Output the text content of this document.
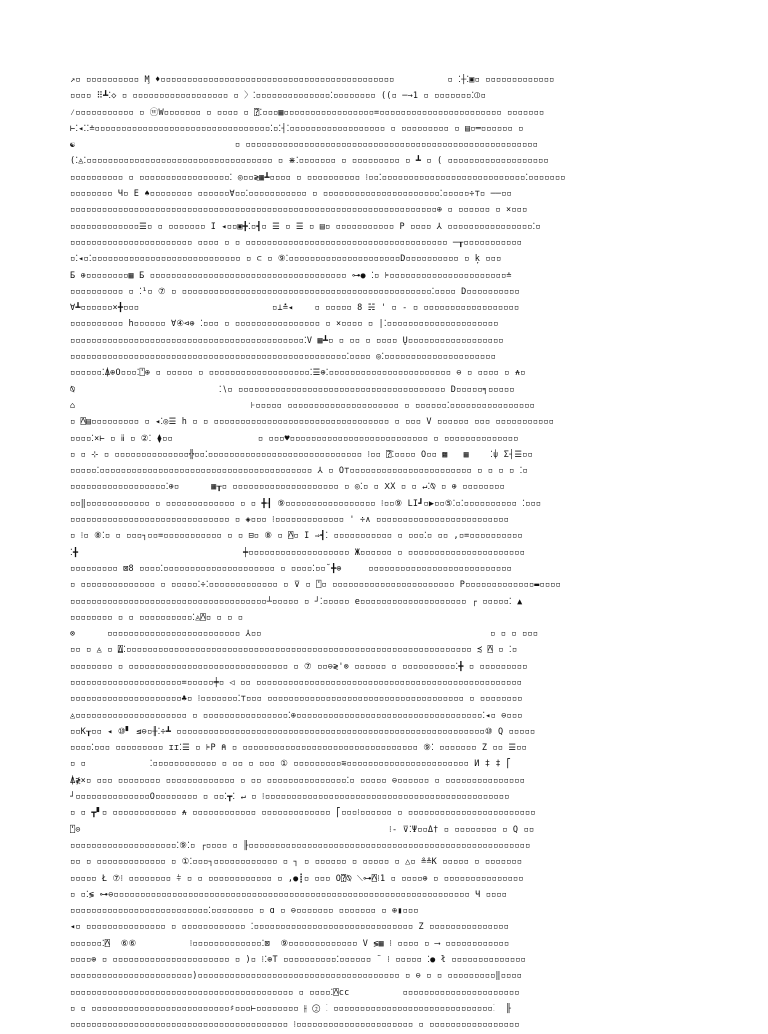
↗▫ ▫▫▫▫▫▫▫▫▫▫ M̧ ♦▫▫▫▫▫▫▫▫▫▫▫▫▫▫▫▫▫▫▫▫▫▫▫▫▫▫▫▫▫▫▫▫▫▫▫▫▫▫▫▫▫▫▫▫          ▫ ⁚┼⁚▣▫ ▫▫▫▫▫▫▫▫▫▫▫▫▫
▫▫▫▫ ⠿┻⁚◇ ▫ ▫▫▫▫▫▫▫▫▫▫▫▫▫▫▫▫▫▫ ▫ 〉⁚▫▫▫▫▫▫▫▫▫▫▫▫▫▫⁚▫▫▫▫▫▫▫▫ ((▫ ─→1 ▫ ▫▫▫▫▫▫▫⁚⦶▫
⁄▫▫▫▫▫▫▫▫▫▫▫ ▫ ⓦW▫▫▫▫▫▫▫ ▫ ▫▫▫▫ ▫ ⍰⁚▫▫▫▦▫▫▫▫▫▫▫▫▫▫▫▫▫▫▫▫▫=▫▫▫▫▫▫▫▫▫▫▫▫▫▫▫▫▫▫▫▫▫▫▫ ▫▫▫▫▫▫▫
⊢⁚◂⁚⁚≐▫▫▫▫▫▫▫▫▫▫▫▫▫▫▫▫▫▫▫▫▫▫▫▫▫▫▫▫▫▫▫▫▫⁚▫⁚┤⁚▫▫▫▫▫▫▫▫▫▫▫▫▫▫▫▫▫▫ ▫ ▫▫▫▫▫▫▫▫▫ ▫ ▤▫═▫▫▫▫▫▫ ▫
☯                              ▫ ▫▫▫▫▫▫▫▫▫▫▫▫▫▫▫▫▫▫▫▫▫▫▫▫▫▫▫▫▫▫▫▫▫▫▫▫▫▫▫▫▫▫▫▫▫▫▫▫▫▫▫▫▫▫▫
(⁚◬⁚▫▫▫▫▫▫▫▫▫▫▫▫▫▫▫▫▫▫▫▫▫▫▫▫▫▫▫▫▫▫▫▫▫▫▫ ▫ ⋇⁚▫▫▫▫▫▫▫ ▫ ▫▫▫▫▫▫▫▫▫ ▫ ┻ ▫ ( ▫▫▫▫▫▫▫▫▫▫▫▫▫▫▫▫▫▫▫
▫▫▫▫▫▫▫▫▫▫ ▫ ▫▫▫▫▫▫▫▫▫▫▫▫▫▫▫▫▫⁚ ◎▫▫≷▦┻▫▫▫▫ ▫ ▫▫▫▫▫▫▫▫▫▫ ⁝▫▫⁚▫▫▫▫▫▫▫▫▫▫▫▫▫▫▫▫▫▫▫▫▫▫▫▫▫▫▫⁚▫▫▫▫▫▫▫
▫▫▫▫▫▫▫▫ Ч▫ E ♠▫▫▫▫▫▫▫▫ ▫▫▫▫▫▫∀▫▫⁚▫▫▫▫▫▫▫▫▫▫▫ ▫ ▫▫▫▫▫▫▫▫▫▫▫▫▫▫▫▫▫▫▫▫▫▫⁚▫▫▫▫▫÷⊤▫ ──▫▫
▫▫▫▫▫▫▫▫▫▫▫▫▫▫▫▫▫▫▫▫▫▫▫▫▫▫▫▫▫▫▫▫▫▫▫▫▫▫▫▫▫▫▫▫▫▫▫▫▫▫▫▫▫▫▫▫▫▫▫▫▫▫▫▫▫▫▫▫▫⊕ ▫ ▫▫▫▫▫▫ ▫ ×▫▫▫
▫▫▫▫▫▫▫▫▫▫▫▫▫☰▫ ▫ ▫▫▫▫▫▫▫ I ◂▫▫▣╋⁚▫┫▫ ☰ ▫ ☰ ▫ ▤▫ ▫▫▫▫▫▫▫▫▫▫▫ P ▫▫▫▫ ⅄ ▫▫▫▫▫▫▫▫▫▫▫▫▫▫▫▫⁚▫
▫▫▫▫▫▫▫▫▫▫▫▫▫▫▫▫▫▫▫▫▫▫▫ ▫▫▫▫ ▫ ▫ ▫▫▫▫▫▫▫▫▫▫▫▫▫▫▫▫▫▫▫▫▫▫▫▫▫▫▫▫▫▫▫▫▫▫▫▫▫▫ ─┰▫▫▫▫▫▫▫▫▫▫▫
▫⁚◂▫⁚▫▫▫▫▫▫▫▫▫▫▫▫▫▫▫▫▫▫▫▫▫▫▫▫▫▫▫▫ ▫ ⊂ ▫ ⑨⁚▫▫▫▫▫▫▫▫▫▫▫▫▫▫▫▫▫▫▫▫▫D▫▫▫▫▫▫▫▫▫▫ ▫ ķ ▫▫▫
Ƃ ⊕▫▫▫▫▫▫▫▫▦ Ƃ ▫▫▫▫▫▫▫▫▫▫▫▫▫▫▫▫▫▫▫▫▫▫▫▫▫▫▫▫▫▫▫▫▫▫▫▫▫ ⊶● ⁚▫ ⊧▫▫▫▫▫▫▫▫▫▫▫▫▫▫▫▫▫▫▫▫▫▫≐
▫▫▫▫▫▫▫▫▫▫ ▫ ⁚¹▫ ⑦ ▫ ▫▫▫▫▫▫▫▫▫▫▫▫▫▫▫▫▫▫▫▫▫▫▫▫▫▫▫▫▫▫▫▫▫▫▫▫▫▫▫▫▫▫▫▫▫▫▫⁚▫▫▫▫ D▫▫▫▫▫▫▫▫▫▫
∀┻▫▫▫▫▫▫×╋▫▫▫                         ▫⊥≛◂    ▫ ▫▫▫▫▫ 8 ☵ ' ▫ - ▫ ▫▫▫▫▫▫▫▫▫▫▫▫▫▫▫▫▫▫
▫▫▫▫▫▫▫▫▫▫ h▫▫▫▫▫▫ ∀④⊲⊕ ⁚▫▫▫ ▫ ▫▫▫▫▫▫▫▫▫▫▫▫▫▫▫▫ ▫ ×▫▫▫▫ ▫ |⁚▫▫▫▫▫▫▫▫▫▫▫▫▫▫▫▫▫▫▫▫▫
▫▫▫▫▫▫▫▫▫▫▫▫▫▫▫▫▫▫▫▫▫▫▫▫▫▫▫▫▫▫▫▫▫▫▫▫▫▫▫▫▫▫▫▫⁚V ▦┻▫ ▫ ▫▫ ▫ ▫▫▫▫ Ų▫▫▫▫▫▫▫▫▫▫▫▫▫▫▫▫▫▫
▫▫▫▫▫▫▫▫▫▫▫▫▫▫▫▫▫▫▫▫▫▫▫▫▫▫▫▫▫▫▫▫▫▫▫▫▫▫▫▫▫▫▫▫▫▫▫▫▫▫▫▫⁚▫▫▫▫ ◎⁚▫▫▫▫▫▫▫▫▫▫▫▫▫▫▫▫▫▫▫▫▫
▫▫▫▫▫▫⁚⍋⊕O▫▫▫⁚⍞⊕ ▫ ▫▫▫▫▫ ▫ ▫▫▫▫▫▫▫▫▫▫▫▫▫▫▫▫▫▫▫⁚☰⊕⁚▫▫▫▫▫▫▫▫▫▫▫▫▫▫▫▫▫▫▫▫▫▫▫ ⊖ ▫ ▫▫▫▫ ▫ ⍲▫
⍉                           ⁚∖▫ ▫▫▫▫▫▫▫▫▫▫▫▫▫▫▫▫▫▫▫▫▫▫▫▫▫▫▫▫▫▫▫▫▫▫▫▫▫▫▫ D▫▫▫▫▫╕▫▫▫▫▫
⌂                                 ⊦▫▫▫▫▫ ▫▫▫▫▫▫▫▫▫▫▫▫▫▫▫▫▫▫▫▫▫ ▫ ▫▫▫▫▫▫⁚▫▫▫▫▫▫▫▫▫▫▫▫▫▫▫▫
▫ ⍓▤▫▫▫▫▫▫▫▫▫ ▫ ◂⁚◎☰ h ▫ ▫ ▫▫▫▫▫▫▫▫▫▫▫▫▫▫▫▫▫▫▫▫▫▫▫▫▫▫▫▫▫▫▫▫▫ ▫ ▫▫▫ V ▫▫▫▫▫▫ ▫▫▫ ▫▫▫▫▫▫▫▫▫▫▫
▫▫▫▫⁚×⊢ ▫ ⅱ ▫ ②⁚ ⧫▫▫                ▫ ▫▫▫♥▫▫▫▫▫▫▫▫▫▫▫▫▫▫▫▫▫▫▫▫▫▫▫▫▫▫ ▫ ▫▫▫▫▫▫▫▫▫▫▫▫▫▫
▫ ▫ ⊹ ▫ ▫▫▫▫▫▫▫▫▫▫▫▫▫▫╬▫▫⁚▫▫▫▫▫▫▫▫▫▫▫▫▫▫▫▫▫▫▫▫▫▫▫▫▫▫▫▫▫ ⁝▫▫ ⍰⁚▫▫▫▫ O▫▫ ▩   ▦    ⁚⍦ Σ┤☰▫▫
▫▫▫▫▫⁚▫▫▫▫▫▫▫▫▫▫▫▫▫▫▫▫▫▫▫▫▫▫▫▫▫▫▫▫▫▫▫▫▫▫▫▫▫▫▫▫ ⅄ ▫ O⊤▫▫▫▫▫▫▫▫▫▫▫▫▫▫▫▫▫▫▫▫▫▫▫ ▫ ▫ ▫ ▫ ⁚▫
▫▫▫▫▫▫▫▫▫▫▫▫▫▫▫▫▫▫⁚⊕▫      ▦┰▫ ▫▫▫▫▫▫▫▫▫▫▫▫▫▫▫▫▫▫▫▫ ▫ ◎⁚▫ ▫ ⅩX ▫ ▫ ↵⁚⍉ ▫ ⊕ ▫▫▫▫▫▫▫▫
▫▫‖▫▫▫▫▫▫▫▫▫▫▫▫ ▫ ▫▫▫▫▫▫▫▫▫▫▫▫▫ ▫ ▫ ╋┨ ⑨▫▫▫▫▫▫▫▫▫▫▫▫▫▫▫▫▫ ⁝▫▫⑨ LI┛▫▶▫▫⑤⁚▫⁚▫▫▫▫▫▫▫▫▫▫ ⁚▫▫▫
▫▫▫▫▫▫▫▫▫▫▫▫▫▫▫▫▫▫▫▫▫▫▫▫▫▫▫▫▫▫ ▫ ◈▫▫▫ ⁝▫▫▫▫▫▫▫▫▫▫▫▫▫ ' ÷∧ ▫▫▫▫▫▫▫▫▫▫▫▫▫▫▫▫▫▫▫▫▫▫▫▫▫
▫ ⁝▫ ⑧⁚▫ ▫ ▫▫▫┐▫▫=▫▫▫▫▫▫▫▫▫▫▫ ▫ ▫ ⊟▫ ⑧ ▫ ⍓▫ I ⇒┫⁚ ▫▫▫▫▫▫▫▫▫▫▫ ▫ ▫▫▫⁚▫ ▫▫ ,▫=▫▫▫▫▫▫▫▫▫▫
⁚╋                               ┿▫▫▫▫▫▫▫▫▫▫▫▫▫▫▫▫▫▫▫ Ж▫▫▫▫▫▫ ▫ ▫▫▫▫▫▫▫▫▫▫▫▫▫▫▫▫▫▫▫▫▫▫
▫▫▫▫▫▫▫▫▫ ⊠8 ▫▫▫▫⁚▫▫▫▫▫▫▫▫▫▫▫▫▫▫▫▫▫▫▫▫▫ ▫ ▫▫▫▫⁚▫▫˘╋⊕     ▫▫▫▫▫▫▫▫▫▫▫▫▫▫▫▫▫▫▫▫▫▫▫▫▫▫▫
▫ ▫▫▫▫▫▫▫▫▫▫▫▫▫▫ ▫ ▫▫▫▫▫⁚÷⁚▫▫▫▫▫▫▫▫▫▫▫▫▫ ▫ ⊽ ▫ ⍞▫ ▫▫▫▫▫▫▫▫▫▫▫▫▫▫▫▫▫▫▫▫▫▫▫ P▫▫▫▫▫▫▫▫▫▫▫▫▫▬▫▫▫▫
▫▫▫▫▫▫▫▫▫▫▫▫▫▫▫▫▫▫▫▫▫▫▫▫▫▫▫▫▫▫▫▫▫▫▫▫▫┴▫▫▫▫▫ ▫ ┘⁚▫▫▫▫▫ e▫▫▫▫▫▫▫▫▫▫▫▫▫▫▫▫▫▫▫▫ ┌ ▫▫▫▫▫⁚ ▲
▫▫▫▫▫▫▫▫ ▫ ▫ ▫▫▫▫▫▫▫▫▫▫⁚◬⍓▫ ▫ ▫ ▫
⊗      ▫▫▫▫▫▫▫▫▫▫▫▫▫▫▫▫▫▫▫▫▫▫▫▫▫ ⅄▫▫                                           ▫ ▫ ▫ ▫▫▫
▫▫ ▫ ◬ ▫ ⍍⁚▫▫▫▫▫▫▫▫▫▫▫▫▫▫▫▫▫▫▫▫▫▫▫▫▫▫▫▫▫▫▫▫▫▫▫▫▫▫▫▫▫▫▫▫▫▫▫▫▫▫▫▫▫▫▫▫▫▫▫▫▫▫▫▫▫ ≾ ⍓ ▫ ⁚▫
▫▫▫▫▫▫▫▫ ▫ ▫▫▫▫▫▫▫▫▫▫▫▫▫▫▫▫▫▫▫▫▫▫▫▫▫▫▫▫▫▫ ▫ ⑦ ▫▫⊖≷'⊗ ▫▫▫▫▫▫ ▫ ▫▫▫▫▫▫▫▫▫▫⁚╋ ▫ ▫▫▫▫▫▫▫▫▫
▫▫▫▫▫▫▫▫▫▫▫▫▫▫▫▫▫▫▫▫▫=▫▫▫▫▫╪▫ ◁ ▫▫ ▫▫▫▫▫▫▫▫▫▫▫▫▫▫▫▫▫▫▫▫▫▫▫▫▫▫▫▫▫▫▫▫▫▫▫▫▫▫▫▫▫▫▫▫▫▫▫▫▫▫
▫▫▫▫▫▫▫▫▫▫▫▫▫▫▫▫▫▫▫▫▫♣▫ ⁝▫▫▫▫▫▫▫⁚⊤▫▫▫ ▫▫▫▫▫▫▫▫▫▫▫▫▫▫▫▫▫▫▫▫▫▫▫▫▫▫▫▫▫▫▫▫▫▫▫▫▫ ▫ ▫▫▫▫▫▫▫▫
◬▫▫▫▫▫▫▫▫▫▫▫▫▫▫▫▫▫▫▫▫▫ ▫ ▫▫▫▫▫▫▫▫▫▫▫▫▫▫▫▫⁚⊕▫▫▫▫▫▫▫▫▫▫▫▫▫▫▫▫▫▫▫▫▫▫▫▫▫▫▫▫▫▫▫▫▫▫▫⁚◂▫ ⊖▫▫▫
▫▫K┰▫▫ ◂ ⑩▘ ⊴⊖▫╫⁚÷┻ ▫▫▫▫▫▫▫▫▫▫▫▫▫▫▫▫▫▫▫▫▫▫▫▫▫▫▫▫▫▫▫▫▫▫▫▫▫▫▫▫▫▫▫▫▫▫▫▫▫▫▫▫▫▫▫▫▫▫⑩ Q ▫▫▫▫▫
▫▫▫▫⁚▫▫▫ ▫▫▫▫▫▫▫▫▫ ɪɪ⁚☰ ▫ ⊧P ⍝ ▫ ▫▫▫▫▫▫▫▫▫▫▫▫▫▫▫▫▫▫▫▫▫▫▫▫▫▫▫▫▫▫▫▫▫ ⑨⁚ ▫▫▫▫▫▫▫ Z ▫▫ ☰▫▫
▫ ▫            ⁚▫▫▫▫▫▫▫▫▫▫▫▫ ▫ ▫▫ ▫ ▫▫▫ ① ▫▫▫▫▫▫▫▫▫≋▫▫▫▫▫▫▫▫▫▫▫▫▫▫▫▫▫▫▫▫▫▫▫ И ‡ ‡ ⎡
⍋≹×▫ ▫▫▫ ▫▫▫▫▫▫▫▫ ▫▫▫▫▫▫▫▫▫▫▫▫▫ ▫ ▫▫ ▫▫▫▫▫▫▫▫▫▫▫▫▫▫▫⁚▫ ▫▫▫▫▫ ⊖▫▫▫▫▫▫ ▫ ▫▫▫▫▫▫▫▫▫▫▫▫▫▫▫
┘▫▫▫▫▫▫▫▫▫▫▫▫▫▫O▫▫▫▫▫▫▫▫ ▫ ▫▫⁚┳⁚ ↵ ▫ ⁝▫▫▫▫▫▫▫▫▫▫▫▫▫▫▫▫▫▫▫▫▫▫▫▫▫▫▫▫▫▫▫▫▫▫▫▫▫▫▫▫▫▫▫▫▫▫
▫ ▫ ┳▘▫ ▫▫▫▫▫▫▫▫▫▫▫▫ ⍲ ▫▫▫▫▫▫▫▫▫▫▫▫ ▫▫▫▫▫▫▫▫▫▫▫▫▫ ⎡▫▫▫⁝▫▫▫▫▫▫ ▫ ▫▫▫▫▫▫▫▫▫▫▫▫▫▫▫▫▫▫▫▫▫▫▫▫
⍞⊙                                                          ⁝- ⊽⁚Ψ▫▫Δ† ▫ ▫▫▫▫▫▫▫▫ ▫ Q ▫▫
▫▫▫▫▫▫▫▫▫▫▫▫▫▫▫▫▫▫▫▫⁚⑨⁚▫ ┌▫▫▫▫ ▫ ╟▫▫▫▫▫▫▫▫▫▫▫▫▫▫▫▫▫▫▫▫▫▫▫▫▫▫▫▫▫▫▫▫▫▫▫▫▫▫▫▫▫▫▫▫▫▫▫▫▫▫▫▫▫
▫▫ ▫ ▫▫▫▫▫▫▫▫▫▫▫▫▫ ▫ ①⁚▫▫▫┐▫▫▫▫▫▫▫▫▫▫▫▫ ▫ ┐ ▫ ▫▫▫▫▫▫ ▫ ▫▫▫▫▫ ▫ △▫ ≗≗K ▫▫▫▫▫ ▫ ▫▫▫▫▫▫▫
▫▫▫▫▫ Ł ⑦⁝ ▫▫▫▫▫▫▫▫ ⫩ ▫ ▫ ▫▫▫▫▫▫▫▫▫▫▫▫ ▫ ,●┋▫ ▫▫▫ O⍰⍉ ⟍⊶⍓⁝1 ▫ ▫▫▫▫⊕ ▫ ▫▫▫▫▫▫▫▫▫▫▫▫▫▫▫
▫ ▫⁚≶ ⊶⊖▫▫▫▫▫▫▫▫▫▫▫▫▫▫▫▫▫▫▫▫▫▫▫▫▫▫▫▫▫▫▫▫▫▫▫▫▫▫▫▫▫▫▫▫▫▫▫▫▫▫▫▫▫▫▫▫▫▫▫▫▫▫▫▫▫▫▫ Ч ▫▫▫▫
▫▫▫▫▫▫▫▫▫▫▫▫▫▫▫▫▫▫▫▫▫▫▫▫▫▫⁚▫▫▫▫▫▫▫▫ ▫ ɑ ▫ ⊖▫▫▫▫▫▫▫ ▫▫▫▫▫▫▫ ▫ ⊕▮▫▫▫
◂▫ ▫▫▫▫▫▫▫▫▫▫▫▫▫▫▫ ▫ ▫▫▫▫▫▫▫▫▫▫▫▫ ⁚▫▫▫▫▫▫▫▫▫▫▫▫▫▫▫▫▫▫▫▫▫▫▫▫▫▫▫▫▫▫ Z ▫▫▫▫▫▫▫▫▫▫▫▫▫▫▫
▫▫▫▫▫▫⁚⍓  ⑥⑥          ⁝▫▫▫▫▫▫▫▫▫▫▫▫▫⁚⊠  ⑨▫▫▫▫▫▫▫▫▫▫▫▫▫ V ≶▦ ⁝ ▫▫▫▫ ▫ ⟶ ▫▫▫▫▫▫▫▫▫▫▫▫
▫▫▫▫⊕ ▫ ▫▫▫▫▫▫▫▫▫▫▫▫▫▫▫▫▫▫▫▫▫▫ ▫ )▫ ⁝⁚⊕T ▫▫▫▫▫▫▫▫▫▫⁚▫▫▫▫▫▫ ¨ ⁝ ▫▫▫▫▫ ⁚● ł ▫▫▫▫▫▫▫▫▫▫▫▫▫▫
▫▫▫▫▫▫▫▫▫▫▫▫▫▫▫▫▫▫▫▫▫▫▫)▫▫▫▫▫▫▫▫▫▫▫▫▫▫▫▫▫▫▫▫▫▫▫▫▫▫▫▫▫▫▫▫▫▫▫▫▫▫ ▫ ⊖ ▫ ▫ ▫▫▫▫▫▫▫▫▫‖▫▫▫▫
▫▫▫▫▫▫▫▫▫▫▫▫▫▫▫▫▫▫▫▫▫▫▫▫▫▫▫▫▫▫▫▫▫▫▫▫▫▫▫▫▫▫ ▫ ▫▫▫▫⁚⍓cc          ▫▫▫▫▫▫▫▫▫▫▫▫▫▫▫▫▫▫▫▫▫▫
▫ ▫ ▫▫▫▫▫▫▫▫▫▫▫▫▫▫▫▫▫▫▫▫▫▫▫▫▫▫♯▫▫▫⊢▫▫▫▫▫▫▫▫ ⫲ ② ⁚ ▫▫▫▫▫▫▫▫▫▫▫▫▫▫▫▫▫▫▫▫▫▫▫▫▫▫▫▫▫▫⁚  ╟
▫▫▫▫▫▫▫▫▫▫▫▫▫▫▫▫▫▫▫▫▫▫▫▫▫▫▫▫▫▫▫▫▫▫▫▫▫▫▫▫▫ ⁝▫▫▫▫▫▫▫▫▫▫▫▫▫▫▫▫▫▫▫▫▫▫ ▫ ▫▫▫▫▫▫▫▫▫▫▫▫▫▫▫▫▫
